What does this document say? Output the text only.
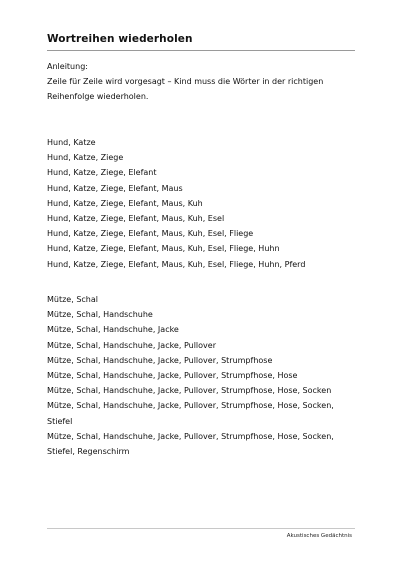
Wortreihen wiederholen
Anleitung:
Zeile für Zeile wird vorgesagt – Kind muss die Wörter in der richtigen
Reihenfolge wiederholen.
Hund, Katze
Hund, Katze, Ziege
Hund, Katze, Ziege, Elefant
Hund, Katze, Ziege, Elefant, Maus
Hund, Katze, Ziege, Elefant, Maus, Kuh
Hund, Katze, Ziege, Elefant, Maus, Kuh, Esel
Hund, Katze, Ziege, Elefant, Maus, Kuh, Esel, Fliege
Hund, Katze, Ziege, Elefant, Maus, Kuh, Esel, Fliege, Huhn
Hund, Katze, Ziege, Elefant, Maus, Kuh, Esel, Fliege, Huhn, Pferd
Mütze, Schal
Mütze, Schal, Handschuhe
Mütze, Schal, Handschuhe, Jacke
Mütze, Schal, Handschuhe, Jacke, Pullover
Mütze, Schal, Handschuhe, Jacke, Pullover, Strumpfhose
Mütze, Schal, Handschuhe, Jacke, Pullover, Strumpfhose, Hose
Mütze, Schal, Handschuhe, Jacke, Pullover, Strumpfhose, Hose, Socken
Mütze, Schal, Handschuhe, Jacke, Pullover, Strumpfhose, Hose, Socken,
Stiefel
Mütze, Schal, Handschuhe, Jacke, Pullover, Strumpfhose, Hose, Socken,
Stiefel, Regenschirm
Akustisches Gedächtnis
